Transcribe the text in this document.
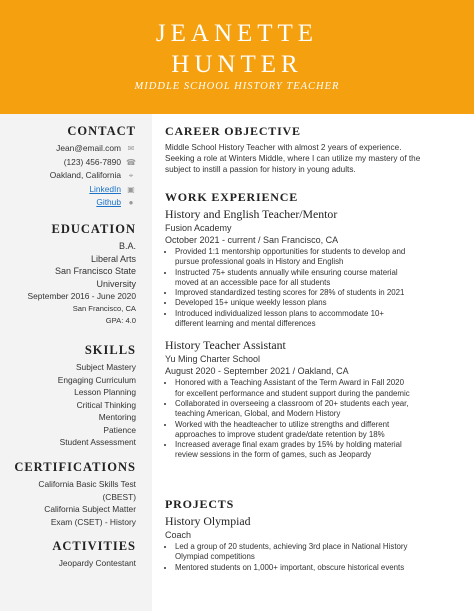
JEANETTE
HUNTER
MIDDLE SCHOOL HISTORY TEACHER
CONTACT
Jean@email.com ✉
(123) 456-7890 ☎
Oakland, California ⌖
LinkedIn ▣
Github ●
EDUCATION
B.A.
Liberal Arts
San Francisco State
University
September 2016 - June 2020
San Francisco, CA
GPA: 4.0
SKILLS
Subject Mastery
Engaging Curriculum
Lesson Planning
Critical Thinking
Mentoring
Patience
Student Assessment
CERTIFICATIONS
California Basic Skills Test
(CBEST)
California Subject Matter
Exam (CSET) - History
ACTIVITIES
Jeopardy Contestant
CAREER OBJECTIVE
Middle School History Teacher with almost 2 years of experience.
Seeking a role at Winters Middle, where I can utilize my mastery of the
subject to instill a passion for history in young adults.
WORK EXPERIENCE
History and English Teacher/Mentor
Fusion Academy
October 2021 - current / San Francisco, CA
• Provided 1:1 mentorship opportunities for students to develop and
pursue professional goals in History and English
• Instructed 75+ students annually while ensuring course material
moved at an accessible pace for all students
• Improved standardized testing scores for 28% of students in 2021
• Developed 15+ unique weekly lesson plans
• Introduced individualized lesson plans to accommodate 10+
different learning and mental differences
History Teacher Assistant
Yu Ming Charter School
August 2020 - September 2021 / Oakland, CA
• Honored with a Teaching Assistant of the Term Award in Fall 2020
for excellent performance and student support during the pandemic
• Collaborated in overseeing a classroom of 20+ students each year,
teaching American, Global, and Modern History
• Worked with the headteacher to utilize strengths and different
approaches to improve student grade/date retention by 18%
• Increased average final exam grades by 15% by holding material
review sessions in the form of games, such as Jeopardy
PROJECTS
History Olympiad
Coach
• Led a group of 20 students, achieving 3rd place in National History
Olympiad competitions
• Mentored students on 1,000+ important, obscure historical events
